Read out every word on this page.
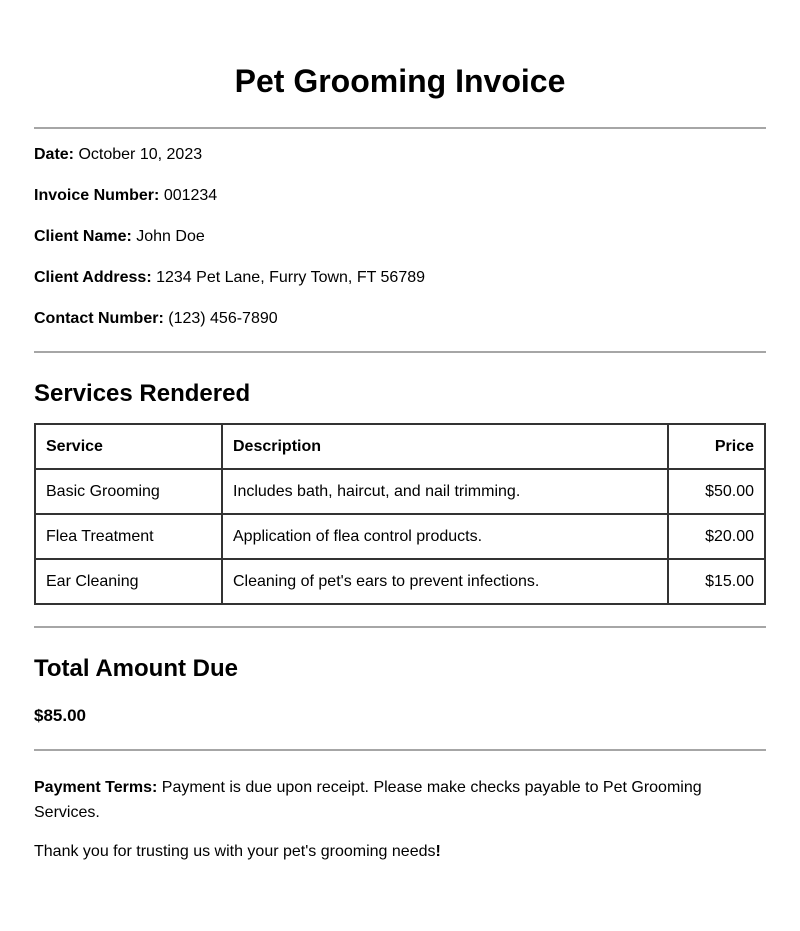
Pet Grooming Invoice

Date: October 10, 2023

Invoice Number: 001234

Client Name: John Doe

Client Address: 1234 Pet Lane, Furry Town, FT 56789

Contact Number: (123) 456-7890

Services Rendered
Service	Description	Price
Basic Grooming	Includes bath, haircut, and nail trimming.	$50.00
Flea Treatment	Application of flea control products.	$20.00
Ear Cleaning	Cleaning of pet's ears to prevent infections.	$15.00
Total Amount Due

$85.00

Payment Terms: Payment is due upon receipt. Please make checks payable to Pet Grooming Services.

Thank you for trusting us with your pet's grooming needs!
